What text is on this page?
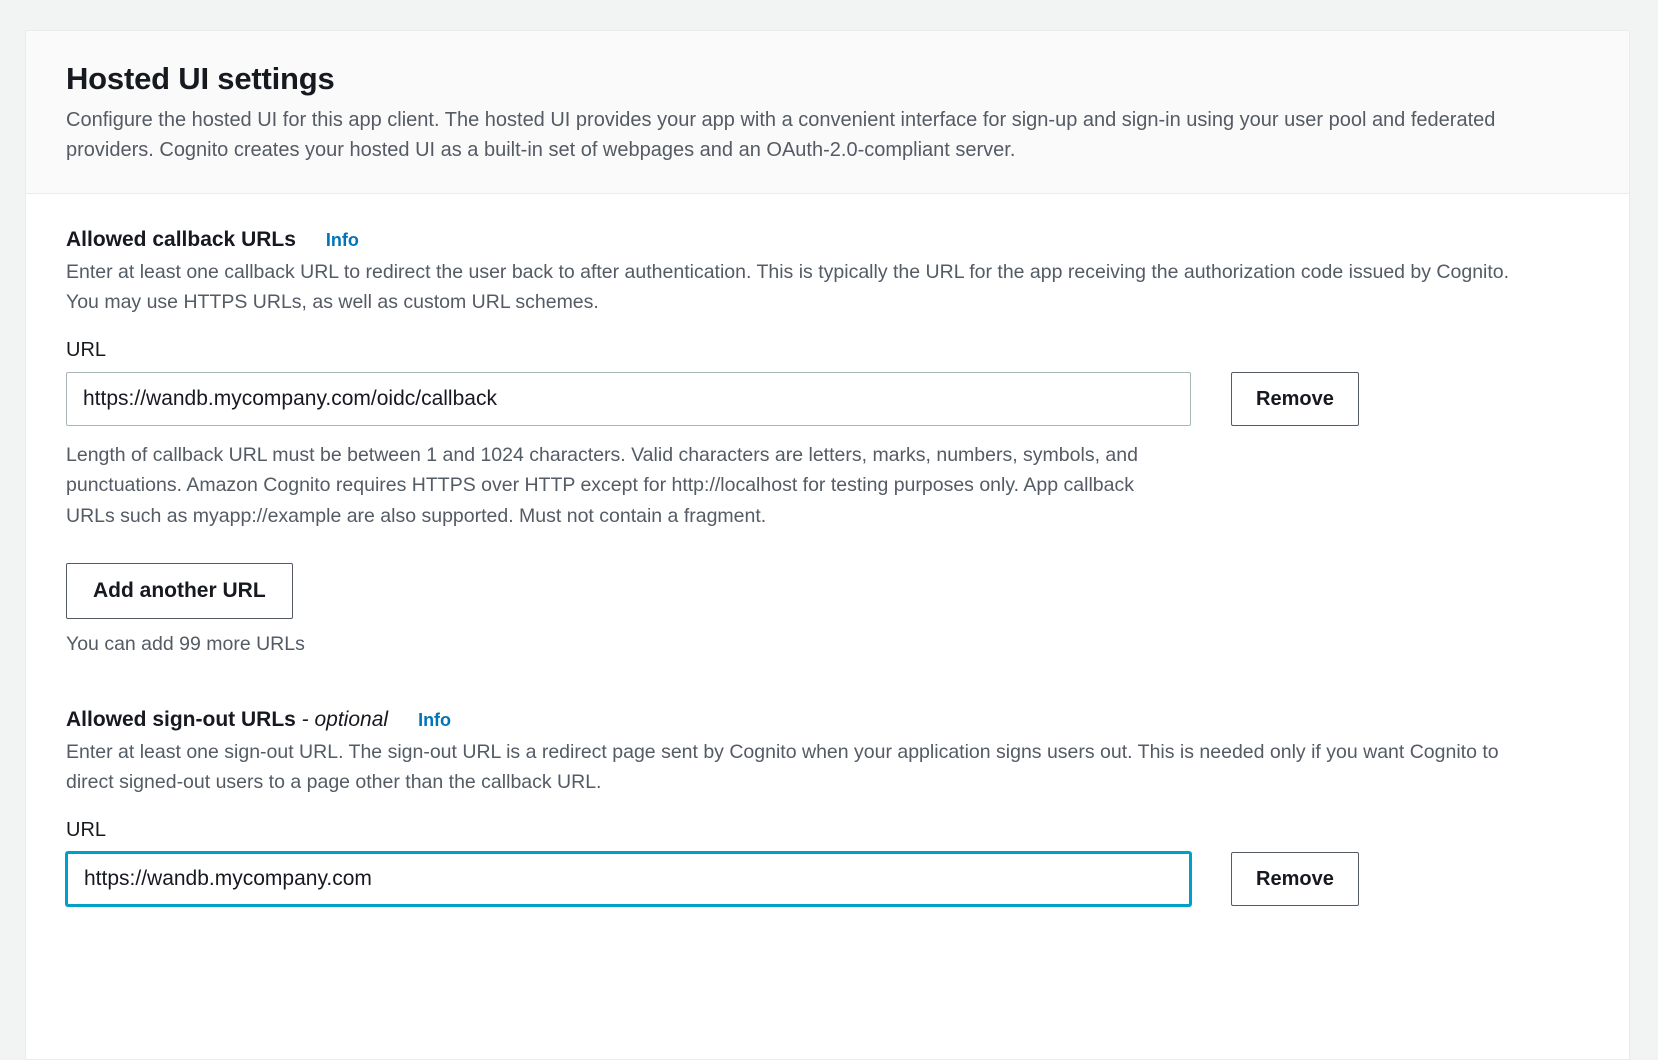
Hosted UI settings

Configure the hosted UI for this app client. The hosted UI provides your app with a convenient interface for sign-up and sign-in using your user pool and federated providers. Cognito creates your hosted UI as a built-in set of webpages and an OAuth-2.0-compliant server.

Allowed callback URLs Info

Enter at least one callback URL to redirect the user back to after authentication. This is typically the URL for the app receiving the authorization code issued by Cognito. You may use HTTPS URLs, as well as custom URL schemes.

URL
https://wandb.mycompany.com/oidc/callback
Remove

Length of callback URL must be between 1 and 1024 characters. Valid characters are letters, marks, numbers, symbols, and punctuations. Amazon Cognito requires HTTPS over HTTP except for http://localhost for testing purposes only. App callback URLs such as myapp://example are also supported. Must not contain a fragment.

Add another URL

You can add 99 more URLs

Allowed sign-out URLs - optional Info

Enter at least one sign-out URL. The sign-out URL is a redirect page sent by Cognito when your application signs users out. This is needed only if you want Cognito to direct signed-out users to a page other than the callback URL.

URL
https://wandb.mycompany.com
Remove
